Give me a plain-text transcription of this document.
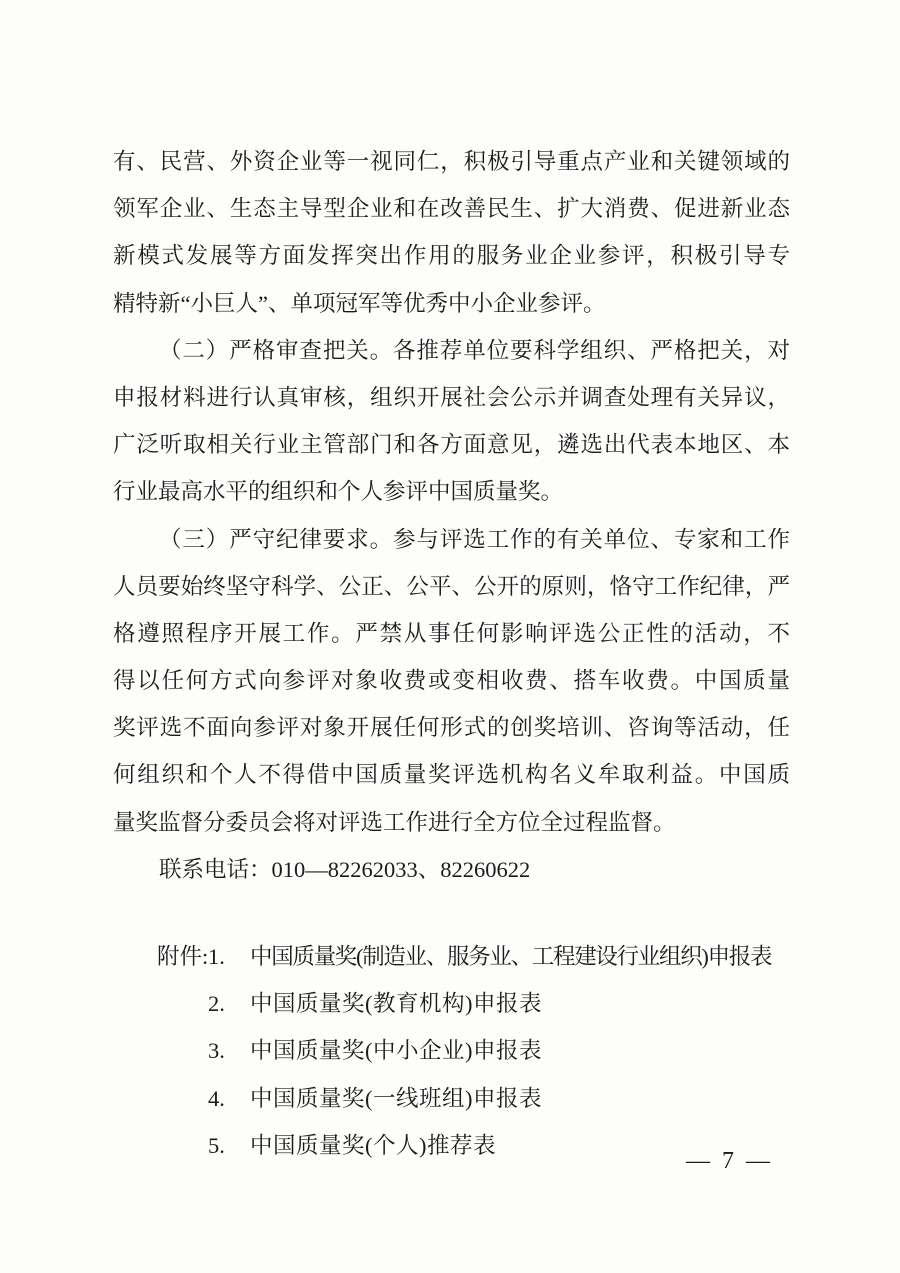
有、民营、外资企业等一视同仁，积极引导重点产业和关键领域的
领军企业、生态主导型企业和在改善民生、扩大消费、促进新业态
新模式发展等方面发挥突出作用的服务业企业参评，积极引导专
精特新“小巨人”、单项冠军等优秀中小企业参评。
（二）严格审查把关。各推荐单位要科学组织、严格把关，对
申报材料进行认真审核，组织开展社会公示并调查处理有关异议，
广泛听取相关行业主管部门和各方面意见，遴选出代表本地区、本
行业最高水平的组织和个人参评中国质量奖。
（三）严守纪律要求。参与评选工作的有关单位、专家和工作
人员要始终坚守科学、公正、公平、公开的原则，恪守工作纪律，严
格遵照程序开展工作。严禁从事任何影响评选公正性的活动，不
得以任何方式向参评对象收费或变相收费、搭车收费。中国质量
奖评选不面向参评对象开展任何形式的创奖培训、咨询等活动，任
何组织和个人不得借中国质量奖评选机构名义牟取利益。中国质
量奖监督分委员会将对评选工作进行全方位全过程监督。
联系电话：010—82262033、82260622
附件: 1.	中国质量奖(制造业、服务业、工程建设行业组织)申报表
2.	中国质量奖(教育机构)申报表
3.	中国质量奖(中小企业)申报表
4.	中国质量奖(一线班组)申报表
5.	中国质量奖(个人)推荐表
— 7 —
